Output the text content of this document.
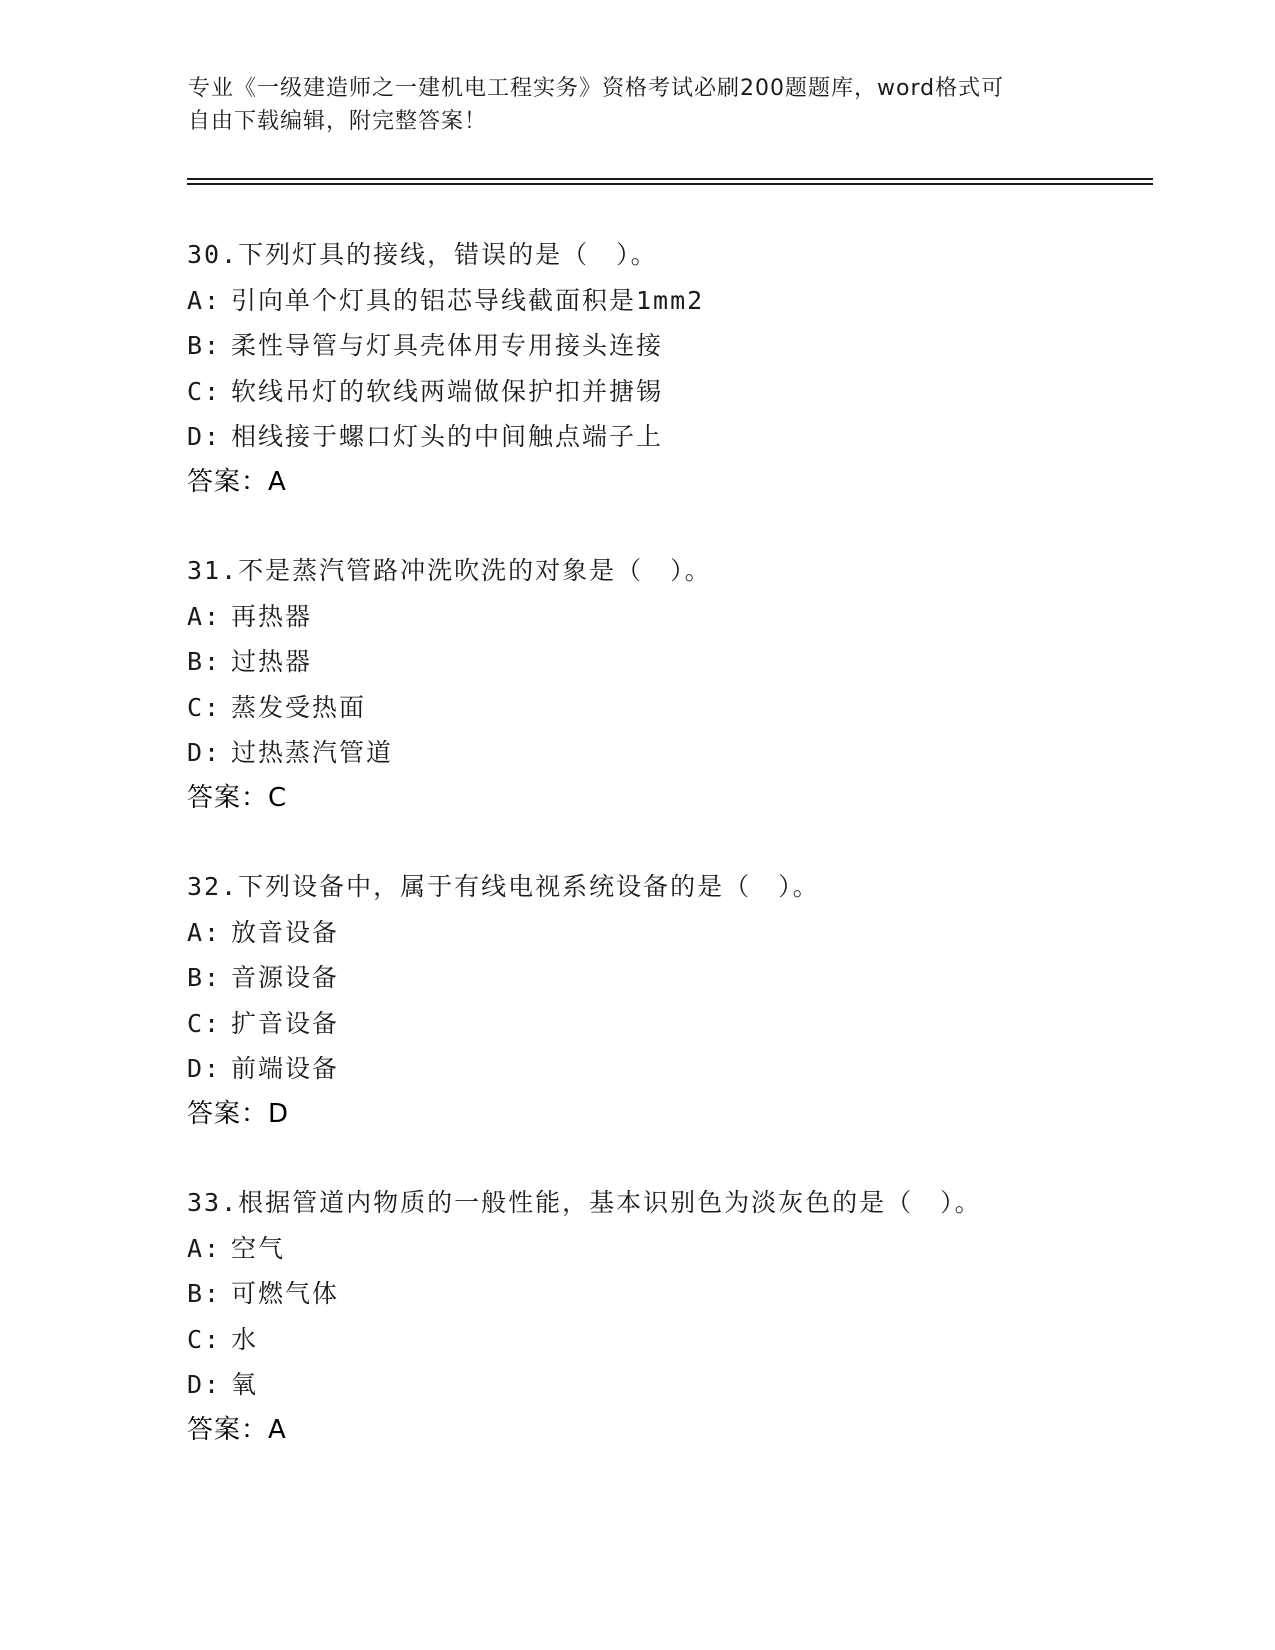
专业《一级建造师之一建机电工程实务》资格考试必刷200题题库，word格式可
自由下载编辑，附完整答案！
30.下列灯具的接线，错误的是（　）。
A: 引向单个灯具的铝芯导线截面积是1mm2
B: 柔性导管与灯具壳体用专用接头连接
C: 软线吊灯的软线两端做保护扣并搪锡
D: 相线接于螺口灯头的中间触点端子上
答案：A
31.不是蒸汽管路冲洗吹洗的对象是（　）。
A: 再热器
B: 过热器
C: 蒸发受热面
D: 过热蒸汽管道
答案：C
32.下列设备中，属于有线电视系统设备的是（　）。
A: 放音设备
B: 音源设备
C: 扩音设备
D: 前端设备
答案：D
33.根据管道内物质的一般性能，基本识别色为淡灰色的是（　）。
A: 空气
B: 可燃气体
C: 水
D: 氧
答案：A
